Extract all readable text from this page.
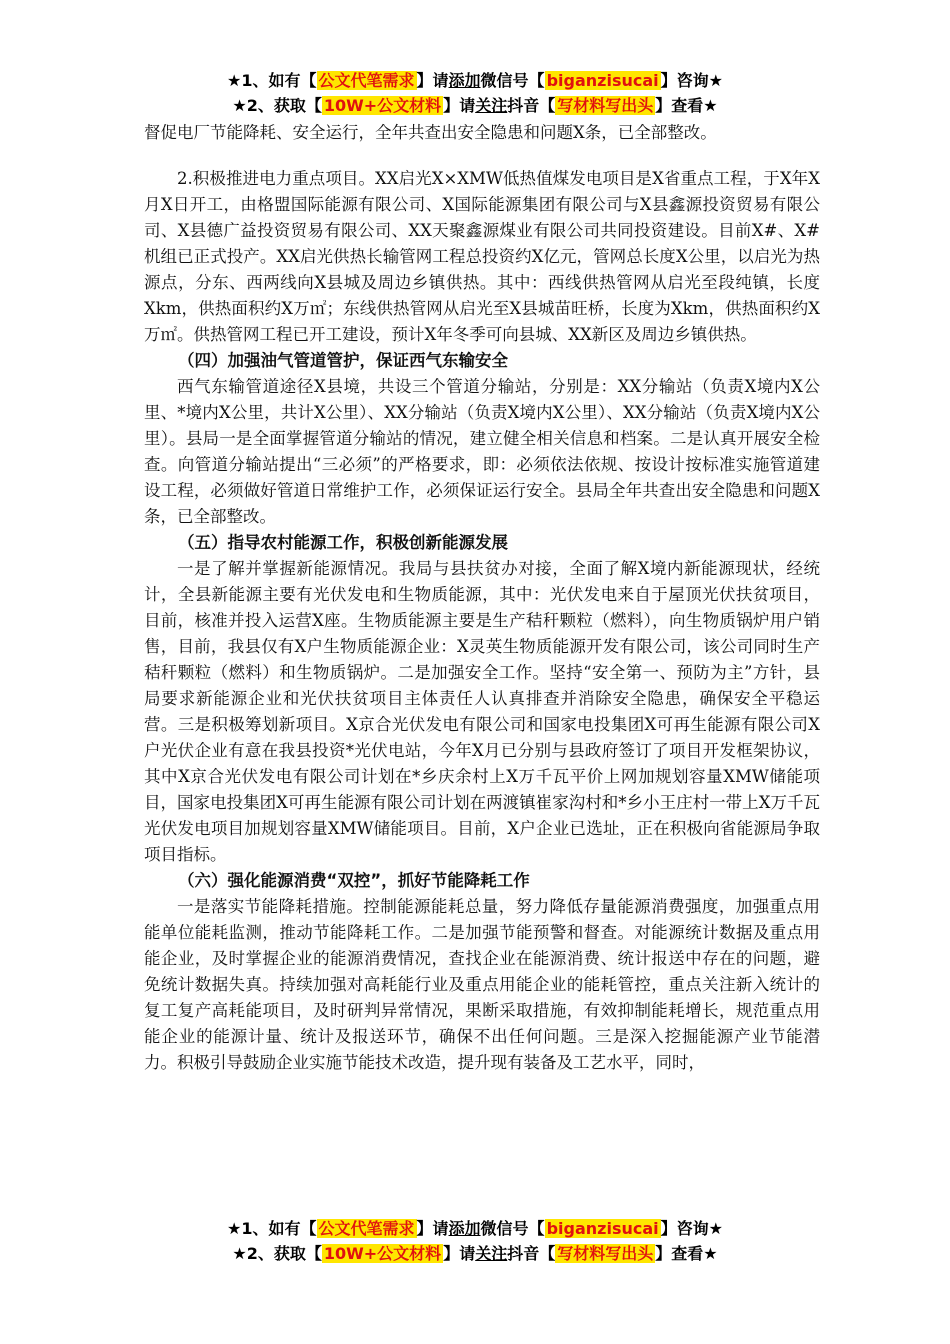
★1、如有【 公文代笔需求 】请添加微信号【 biganzisucai 】咨询★
★2、获取【 10W+公文材料 】请关注抖音【 写材料写出头 】查看★

督促电厂节能降耗、安全运行，全年共查出安全隐患和问题X条，已全部整改。

2.积极推进电力重点项目。XX启光X×XMW低热值煤发电项目是X省重点工程，于X年X月X日开工，由格盟国际能源有限公司、X国际能源集团有限公司与X县鑫源投资贸易有限公司、X县德广益投资贸易有限公司、XX天聚鑫源煤业有限公司共同投资建设。目前X#、X#机组已正式投产。XX启光供热长输管网工程总投资约X亿元，管网总长度X公里，以启光为热源点，分东、西两线向X县城及周边乡镇供热。其中：西线供热管网从启光至段纯镇，长度Xkm，供热面积约X万㎡；东线供热管网从启光至X县城苗旺桥，长度为Xkm，供热面积约X万㎡。供热管网工程已开工建设，预计X年冬季可向县城、XX新区及周边乡镇供热。

（四）加强油气管道管护，保证西气东输安全

西气东输管道途径X县境，共设三个管道分输站，分别是：XX分输站（负责X境内X公里、*境内X公里，共计X公里）、XX分输站（负责X境内X公里）、XX分输站（负责X境内X公里）。县局一是全面掌握管道分输站的情况，建立健全相关信息和档案。二是认真开展安全检查。向管道分输站提出“三必须”的严格要求，即：必须依法依规、按设计按标准实施管道建设工程，必须做好管道日常维护工作，必须保证运行安全。县局全年共查出安全隐患和问题X条，已全部整改。

（五）指导农村能源工作，积极创新能源发展

一是了解并掌握新能源情况。我局与县扶贫办对接，全面了解X境内新能源现状，经统计，全县新能源主要有光伏发电和生物质能源，其中：光伏发电来自于屋顶光伏扶贫项目，目前，核准并投入运营X座。生物质能源主要是生产秸秆颗粒（燃料），向生物质锅炉用户销售，目前，我县仅有X户生物质能源企业：X灵英生物质能源开发有限公司，该公司同时生产秸秆颗粒（燃料）和生物质锅炉。二是加强安全工作。坚持“安全第一、预防为主”方针，县局要求新能源企业和光伏扶贫项目主体责任人认真排查并消除安全隐患，确保安全平稳运营。三是积极筹划新项目。X京合光伏发电有限公司和国家电投集团X可再生能源有限公司X户光伏企业有意在我县投资*光伏电站，今年X月已分别与县政府签订了项目开发框架协议，其中X京合光伏发电有限公司计划在*乡庆余村上X万千瓦平价上网加规划容量XMW储能项目，国家电投集团X可再生能源有限公司计划在两渡镇崔家沟村和*乡小王庄村一带上X万千瓦光伏发电项目加规划容量XMW储能项目。目前，X户企业已选址，正在积极向省能源局争取项目指标。

（六）强化能源消费“双控”，抓好节能降耗工作

一是落实节能降耗措施。控制能源能耗总量，努力降低存量能源消费强度，加强重点用能单位能耗监测，推动节能降耗工作。二是加强节能预警和督查。对能源统计数据及重点用能企业，及时掌握企业的能源消费情况，查找企业在能源消费、统计报送中存在的问题，避免统计数据失真。持续加强对高耗能行业及重点用能企业的能耗管控，重点关注新入统计的复工复产高耗能项目，及时研判异常情况，果断采取措施，有效抑制能耗增长，规范重点用能企业的能源计量、统计及报送环节，确保不出任何问题。三是深入挖掘能源产业节能潜力。积极引导鼓励企业实施节能技术改造，提升现有装备及工艺水平，同时，

★1、如有【 公文代笔需求 】请添加微信号【 biganzisucai 】咨询★
★2、获取【 10W+公文材料 】请关注抖音【 写材料写出头 】查看★
